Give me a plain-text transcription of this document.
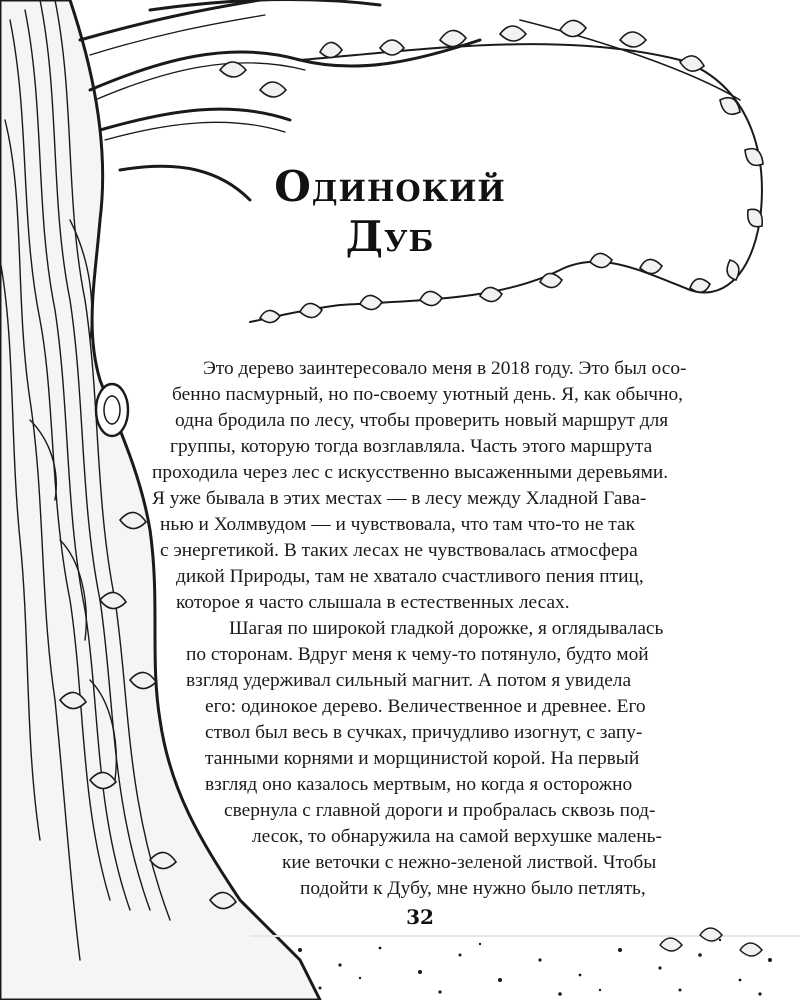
Одинокий
Дуб
Это дерево заинтересовало меня в 2018 году. Это был осо-
бенно пасмурный, но по-своему уютный день. Я, как обычно,
одна бродила по лесу, чтобы проверить новый маршрут для
группы, которую тогда возглавляла. Часть этого маршрута
проходила через лес с искусственно высаженными деревьями.
Я уже бывала в этих местах — в лесу между Хладной Гава-
нью и Холмвудом — и чувствовала, что там что-то не так
с энергетикой. В таких лесах не чувствовалась атмосфера
дикой Природы, там не хватало счастливого пения птиц,
которое я часто слышала в естественных лесах.
Шагая по широкой гладкой дорожке, я оглядывалась
по сторонам. Вдруг меня к чему-то потянуло, будто мой
взгляд удерживал сильный магнит. А потом я увидела
его: одинокое дерево. Величественное и древнее. Его
ствол был весь в сучках, причудливо изогнут, с запу-
танными корнями и морщинистой корой. На первый
взгляд оно казалось мертвым, но когда я осторожно
свернула с главной дороги и пробралась сквозь под-
лесок, то обнаружила на самой верхушке малень-
кие веточки с нежно-зеленой листвой. Чтобы
подойти к Дубу, мне нужно было петлять,
32
